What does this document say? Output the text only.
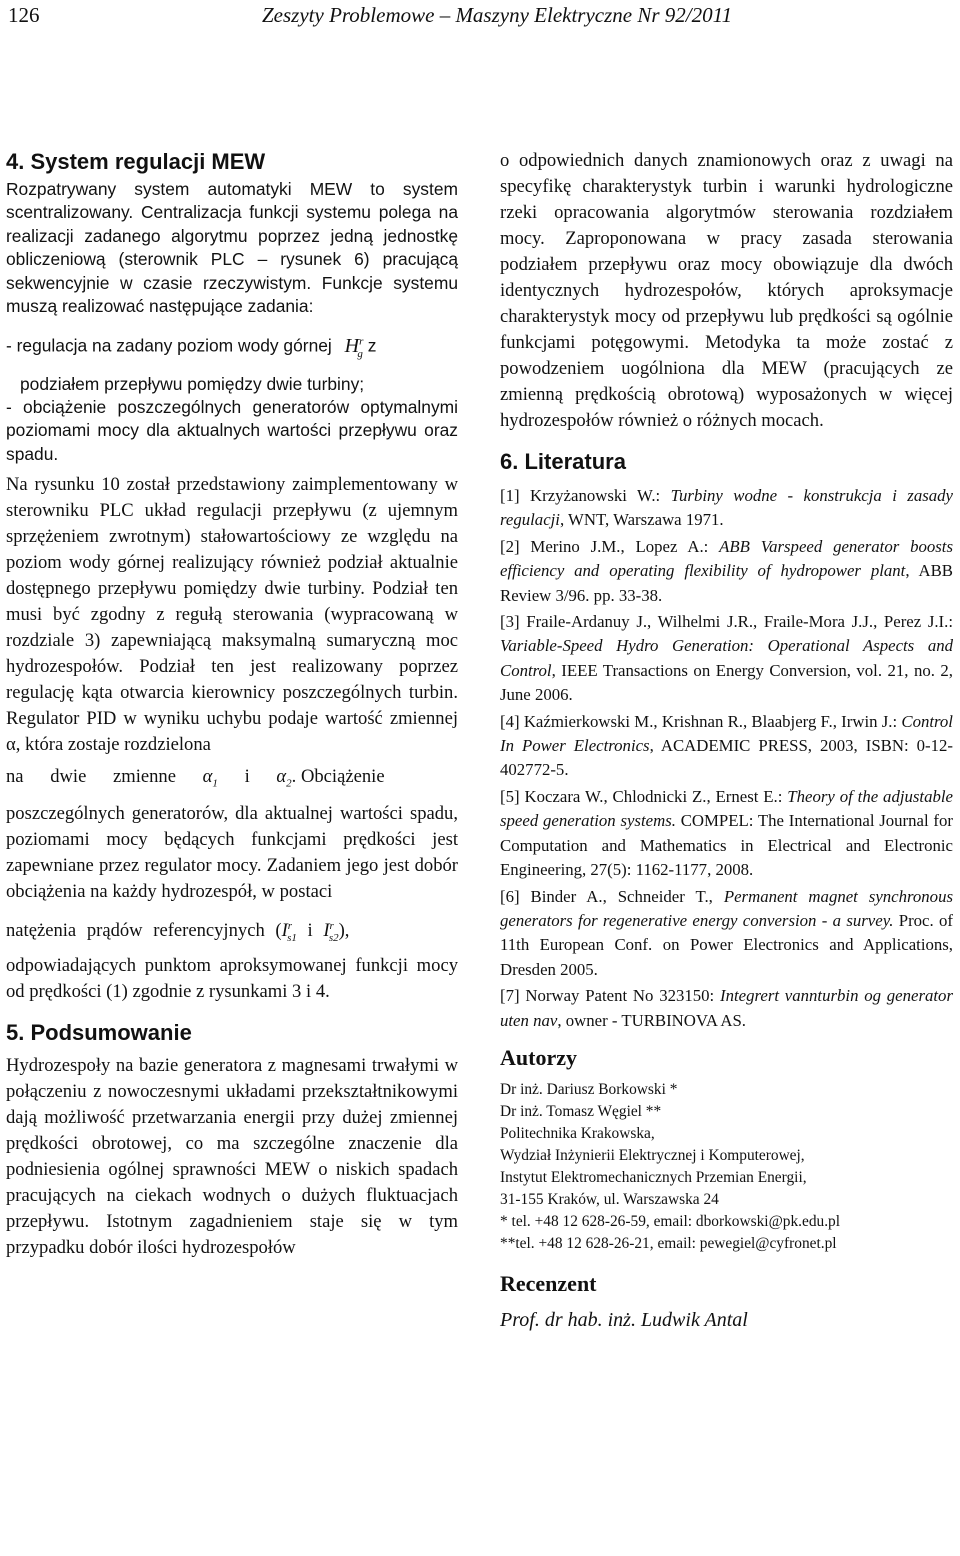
126	Zeszyty Problemowe – Maszyny Elektryczne Nr 92/2011
4. System regulacji MEW

Rozpatrywany system automatyki MEW to system scentralizowany. Centralizacja funkcji systemu polega na realizacji zadanego algorytmu poprzez jedną jednostkę obliczeniową (sterownik PLC – rysunek 6) pracującą sekwencyjnie w czasie rzeczywistym. Funkcje systemu muszą realizować następujące zadania:

- regulacja na zadany poziom wody górnej $H^r_g$ z

podziałem przepływu pomiędzy dwie turbiny;

- obciążenie poszczególnych generatorów optymalnymi poziomami mocy dla aktualnych wartości przepływu oraz spadu.

Na rysunku 10 został przedstawiony zaimplementowany w sterowniku PLC układ regulacji przepływu (z ujemnym sprzężeniem zwrotnym) stałowartościowy ze względu na poziom wody górnej realizujący również podział aktualnie dostępnego przepływu pomiędzy dwie turbiny. Podział ten musi być zgodny z regułą sterowania (wypracowaną w rozdziale 3) zapewniającą maksymalną sumaryczną moc hydrozespołów. Podział ten jest realizowany poprzez regulację kąta otwarcia kierownicy poszczególnych turbin. Regulator PID w wyniku uchybu podaje wartość zmiennej α, która zostaje rozdzielona

na dwie zmienne $\alpha_1$ i $\alpha_2$. Obciążenie

poszczególnych generatorów, dla aktualnej wartości spadu, poziomami mocy będących funkcjami prędkości jest zapewniane przez regulator mocy. Zadaniem jego jest dobór obciążenia na każdy hydrozespół, w postaci

natężenia prądów referencyjnych ($I^r_{s1}$ i $I^r_{s2}$),

odpowiadających punktom aproksymowanej funkcji mocy od prędkości (1) zgodnie z rysunkami 3 i 4.

5. Podsumowanie

Hydrozespoły na bazie generatora z magnesami trwałymi w połączeniu z nowoczesnymi układami przekształtnikowymi dają możliwość przetwarzania energii przy dużej zmiennej prędkości obrotowej, co ma szczególne znaczenie dla podniesienia ogólnej sprawności MEW o niskich spadach pracujących na ciekach wodnych o dużych fluktuacjach przepływu. Istotnym zagadnieniem staje się w tym przypadku dobór ilości hydrozespołów

o odpowiednich danych znamionowych oraz z uwagi na specyfikę charakterystyk turbin i warunki hydrologiczne rzeki opracowania algorytmów sterowania rozdziałem mocy. Zaproponowana w pracy zasada sterowania podziałem przepływu oraz mocy obowiązuje dla dwóch identycznych hydrozespołów, których aproksymacje charakterystyk mocy od przepływu lub prędkości są ogólnie funkcjami potęgowymi. Metodyka ta może zostać z powodzeniem uogólniona dla MEW (pracujących ze zmienną prędkością obrotową) wyposażonych w więcej hydrozespołów również o różnych mocach.

6. Literatura

[1] Krzyżanowski W.: Turbiny wodne - konstrukcja i zasady regulacji, WNT, Warszawa 1971.

[2] Merino J.M., Lopez A.: ABB Varspeed generator boosts efficiency and operating flexibility of hydropower plant, ABB Review 3/96. pp. 33-38.

[3] Fraile-Ardanuy J., Wilhelmi J.R., Fraile-Mora J.J., Perez J.I.: Variable-Speed Hydro Generation: Operational Aspects and Control, IEEE Transactions on Energy Conversion, vol. 21, no. 2, June 2006.

[4] Kaźmierkowski M., Krishnan R., Blaabjerg F., Irwin J.: Control In Power Electronics, ACADEMIC PRESS, 2003, ISBN: 0-12-402772-5.

[5] Koczara W., Chlodnicki Z., Ernest E.: Theory of the adjustable speed generation systems. COMPEL: The International Journal for Computation and Mathematics in Electrical and Electronic Engineering, 27(5): 1162-1177, 2008.

[6] Binder A., Schneider T., Permanent magnet synchronous generators for regenerative energy conversion - a survey. Proc. of 11th European Conf. on Power Electronics and Applications, Dresden 2005.

[7] Norway Patent No 323150: Integrert vannturbin og generator uten nav, owner - TURBINOVA AS.

Autorzy

Dr inż. Dariusz Borkowski *

Dr inż. Tomasz Węgiel **

Politechnika Krakowska,

Wydział Inżynierii Elektrycznej i Komputerowej,

Instytut Elektromechanicznych Przemian Energii,

31-155 Kraków, ul. Warszawska 24

* tel. +48 12 628-26-59, email: dborkowski@pk.edu.pl

**tel. +48 12 628-26-21, email: pewegiel@cyfronet.pl

Recenzent

Prof. dr hab. inż. Ludwik Antal
